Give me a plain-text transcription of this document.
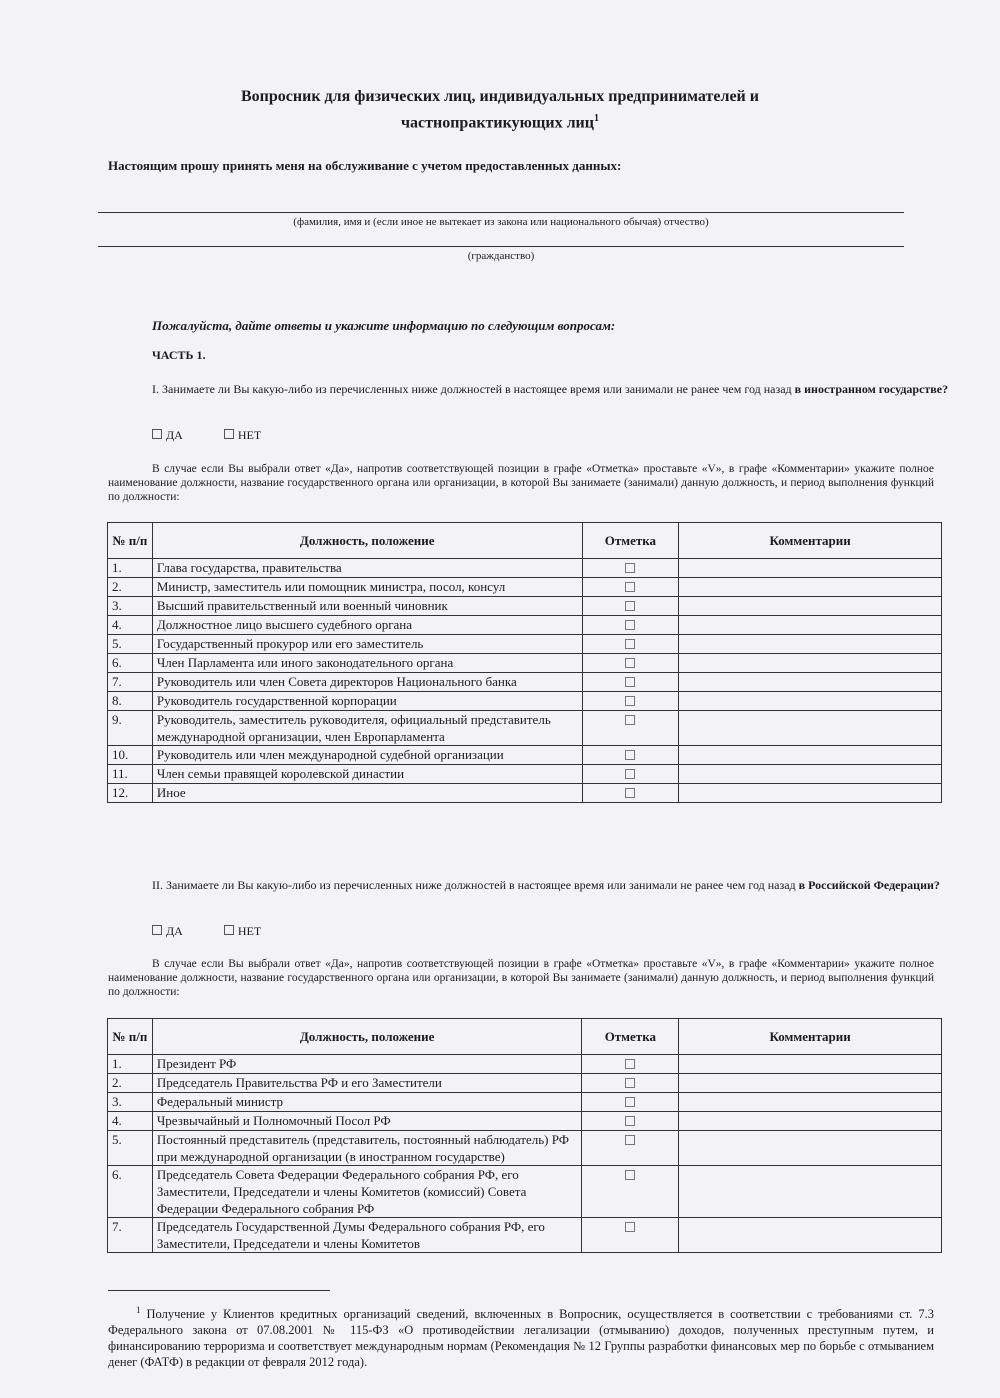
Вопросник для физических лиц, индивидуальных предпринимателей и
частнопрактикующих лиц$^1$
Настоящим прошу принять меня на обслуживание с учетом предоставленных данных:
(фамилия, имя и (если иное не вытекает из закона или национального обычая) отчество)
(гражданство)
Пожалуйста, дайте ответы и укажите информацию по следующим вопросам:
ЧАСТЬ 1.
I. Занимаете ли Вы какую-либо из перечисленных ниже должностей в настоящее время или занимали не ранее чем год назад в иностранном государстве?
ДА	НЕТ
В случае если Вы выбрали ответ «Да», напротив соответствующей позиции в графе «Отметка» проставьте «V», в графе «Комментарии» укажите полное наименование должности, название государственного органа или организации, в которой Вы занимаете (занимали) данную должность, и период выполнения функций по должности:
№ п/п	Должность, положение	Отметка	Комментарии
1.	Глава государства, правительства		
2.	Министр, заместитель или помощник министра, посол, консул		
3.	Высший правительственный или военный чиновник		
4.	Должностное лицо высшего судебного органа		
5.	Государственный прокурор или его заместитель		
6.	Член Парламента или иного законодательного органа		
7.	Руководитель или член Совета директоров Национального банка		
8.	Руководитель государственной корпорации		
9.	Руководитель, заместитель руководителя, официальный представитель международной организации, член Европарламента		
10.	Руководитель или член международной судебной организации		
11.	Член семьи правящей королевской династии		
12.	Иное		
II. Занимаете ли Вы какую-либо из перечисленных ниже должностей в настоящее время или занимали не ранее чем год назад в Российской Федерации?
ДА	НЕТ
В случае если Вы выбрали ответ «Да», напротив соответствующей позиции в графе «Отметка» проставьте «V», в графе «Комментарии» укажите полное наименование должности, название государственного органа или организации, в которой Вы занимаете (занимали) данную должность, и период выполнения функций по должности:
№ п/п	Должность, положение	Отметка	Комментарии
1.	Президент РФ		
2.	Председатель Правительства РФ и его Заместители		
3.	Федеральный министр		
4.	Чрезвычайный и Полномочный Посол РФ		
5.	Постоянный представитель (представитель, постоянный наблюдатель) РФ при международной организации (в иностранном государстве)		
6.	Председатель Совета Федерации Федерального собрания РФ, его Заместители, Председатели и члены Комитетов (комиссий) Совета Федерации Федерального собрания РФ		
7.	Председатель Государственной Думы Федерального собрания РФ, его Заместители, Председатели и члены Комитетов		
$^1$ Получение у Клиентов кредитных организаций сведений, включенных в Вопросник, осуществляется в соответствии с требованиями ст. 7.3 Федерального закона от 07.08.2001 № 115-ФЗ «О противодействии легализации (отмыванию) доходов, полученных преступным путем, и финансированию терроризма и соответствует международным нормам (Рекомендация № 12 Группы разработки финансовых мер по борьбе с отмыванием денег (ФАТФ) в редакции от февраля 2012 года).
